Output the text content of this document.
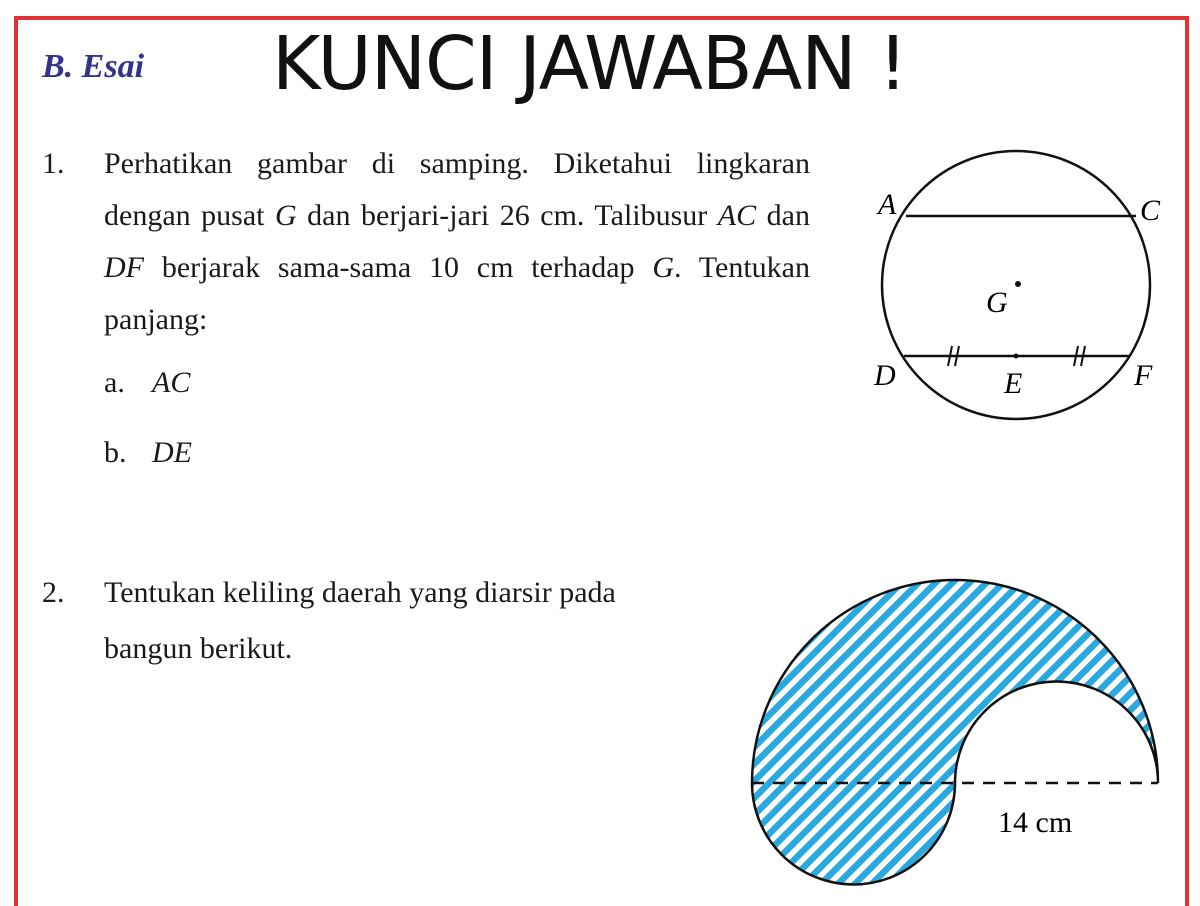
B. Esai KUNCI JAWABAN !
1. Perhatikan gambar di samping. Diketahui lingkaran dengan pusat G dan berjari-jari 26 cm. Talibusur AC dan DF berjarak sama-sama 10 cm terhadap G. Tentukan panjang:

a. AC
b. DE
A	C
G
D	E	F
2. Tentukan keliling daerah yang diarsir pada
bangun berikut.
14 cm
